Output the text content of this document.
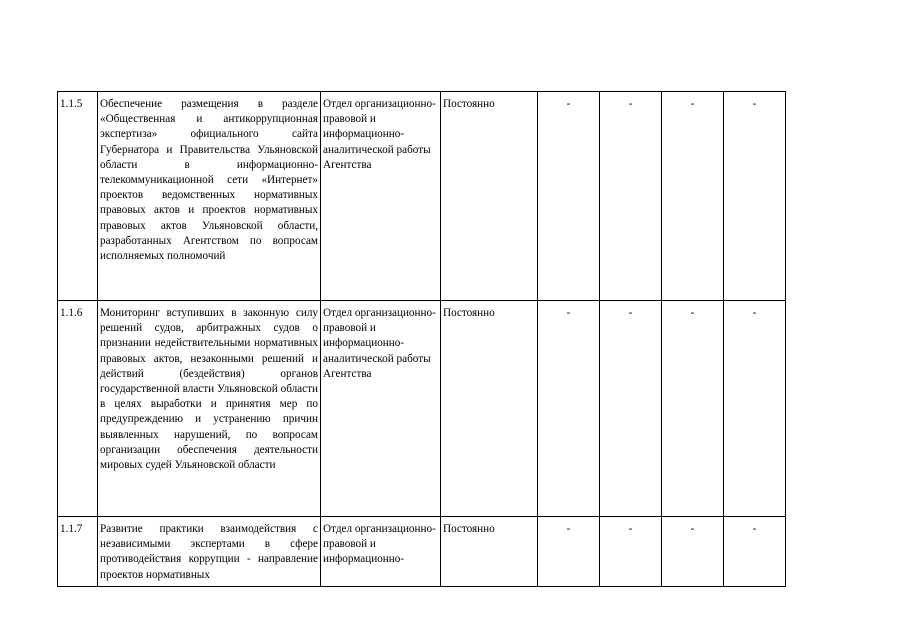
1.1.5	Обеспечение размещения в разделе «Общественная и антикоррупционная экспертиза» официального сайта Губернатора и Правительства Ульяновской области в информационно-телекоммуникационной сети «Интернет» проектов ведомственных нормативных правовых актов и проектов нормативных правовых актов Ульяновской области, разработанных Агентством по вопросам исполняемых полномочий	Отдел организационно-правовой и информационно-аналитической работы Агентства	Постоянно	-	-	-	-
1.1.6	Мониторинг вступивших в законную силу решений судов, арбитражных судов о признании недействительными нормативных правовых актов, незаконными решений и действий (бездействия) органов государственной власти Ульяновской области в целях выработки и принятия мер по предупреждению и устранению причин выявленных нарушений, по вопросам организации обеспечения деятельности мировых судей Ульяновской области	Отдел организационно-правовой и информационно-аналитической работы Агентства	Постоянно	-	-	-	-
1.1.7	Развитие практики взаимодействия с независимыми экспертами в сфере противодействия коррупции - направление проектов нормативных	Отдел организационно-правовой и информационно-	Постоянно	-	-	-	-
